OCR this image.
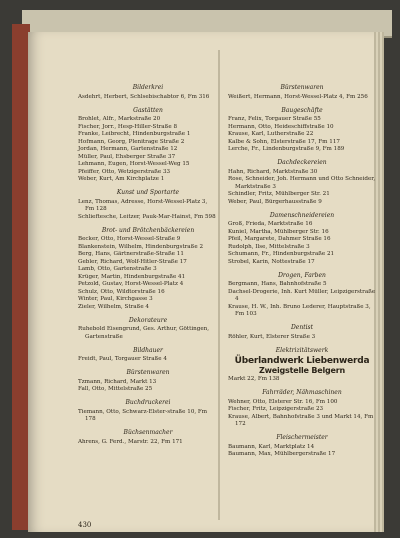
Bilderkrei
Asdehrt, Herbert, Schlsebischabtor 6, Fm 316
Gastätten
Brohlet, Alfr., Markstraße 20
Fischer, Jorr., Hesp-Hiller-Straße 8
Franke, Leibrecht, Hindenburgstraße 1
Hofmann, Georg, Plenitrage Straße 2
Jordan, Hermann, Gartenstraße 12
Müller, Paul, Ehsberger Straße 37
Lehmann, Eugen, Horst-Wessel-Weg 15
Pfeiffer, Otto, Wetzigerstraße 33
Weber, Kurt, Am Kirchplatze 1
Kunst und Sportarte
Lenz, Thomas, Adresse, Horst-Wessel-Platz 3, Fm 128
Schlieftesche, Leitzer, Pauk-Mar-Hainst, Fm 598
Brot- und Brötchenbäckereien
Becker, Otto, Horst-Wessel-Straße 9
Blankenstein, Wilhelm, Hindenburgstraße 2
Berg, Hans, Gärtnerstraße-Straße 11
Gebler, Richard, Wolf-Hitler-Straße 17
Lamb, Otto, Gartenstraße 3
Krüger, Martin, Hindenburgstraße 41
Petzold, Gustav, Horst-Wessel-Platz 4
Schulz, Otto, Wildtorstraße 16
Winter, Paul, Kirchgasse 3
Zieler, Wilhelm, Straße 4
Dekorateure
Ruhebold Eisengrund, Ges. Arthur, Göttingen, Gartenstraße
Bildhauer
Freidt, Paul, Torgauer Straße 4
Bürstenwaren
Tzmann, Richard, Markt 13
Fall, Otto, Mittelstraße 25
Buchdruckerei
Tiemann, Otto, Schwarz-Elster-straße 10, Fm 178
Büchsenmacher
Ahrens, G. Ferd., Marstr. 22, Fm 171
Bürstenwaren
Weißert, Hermann, Horst-Wessel-Platz 4, Fm 256
Baugeschäfte
Franz, Felix, Torgauer Straße 55
Hermann, Otto, Heideschiffstraße 10
Krause, Karl, Lutherstraße 22
Kalbe & Sohn, Elsterstraße 17, Fm 117
Lerche, Fr., Lindenburgstraße 9, Fm 189
Dachdeckereien
Hahn, Richard, Marktstraße 30
Rose, Schneider, Joh. Hermann und Otto Schneider, Marktstraße 3
Schindler, Fritz, Mühlberger Str. 21
Weber, Paul, Bürgerhausstraße 9
Damenschneidereien
Groß, Frieda, Marktstraße 16
Kuniel, Martha, Mühlberger Str. 16
Pfeil, Margarete, Dahmer Straße 16
Rudolph, Ilse, Mittelstraße 3
Schumann, Fr., Hindenburgstraße 21
Strobel, Karin, Nottestraße 17
Drogen, Farben
Bergmann, Hans, Bahnhofstraße 5
Dachsel-Drogerie, Inh. Kurt Müller, Leipzigerstraße 4
Krause, H. W., Inh. Bruno Lederer, Hauptstraße 3, Fm 103
Dentist
Röhler, Kurt, Elsterer Straße 3
Elektrizitätswerk
Überlandwerk Liebenwerda
Zweigstelle Belgern
Markt 22, Fm 138
Fahrräder, Nähmaschinen
Wehner, Otto, Elsterer Str. 16, Fm 100
Fischer, Fritz, Leipzigerstraße 23
Krause, Albert, Bahnhofstraße 3 und Markt 14, Fm 172
Fleischermeister
Baumann, Karl, Marktplatz 14
Baumann, Max, Mühlbergerstraße 17
430
